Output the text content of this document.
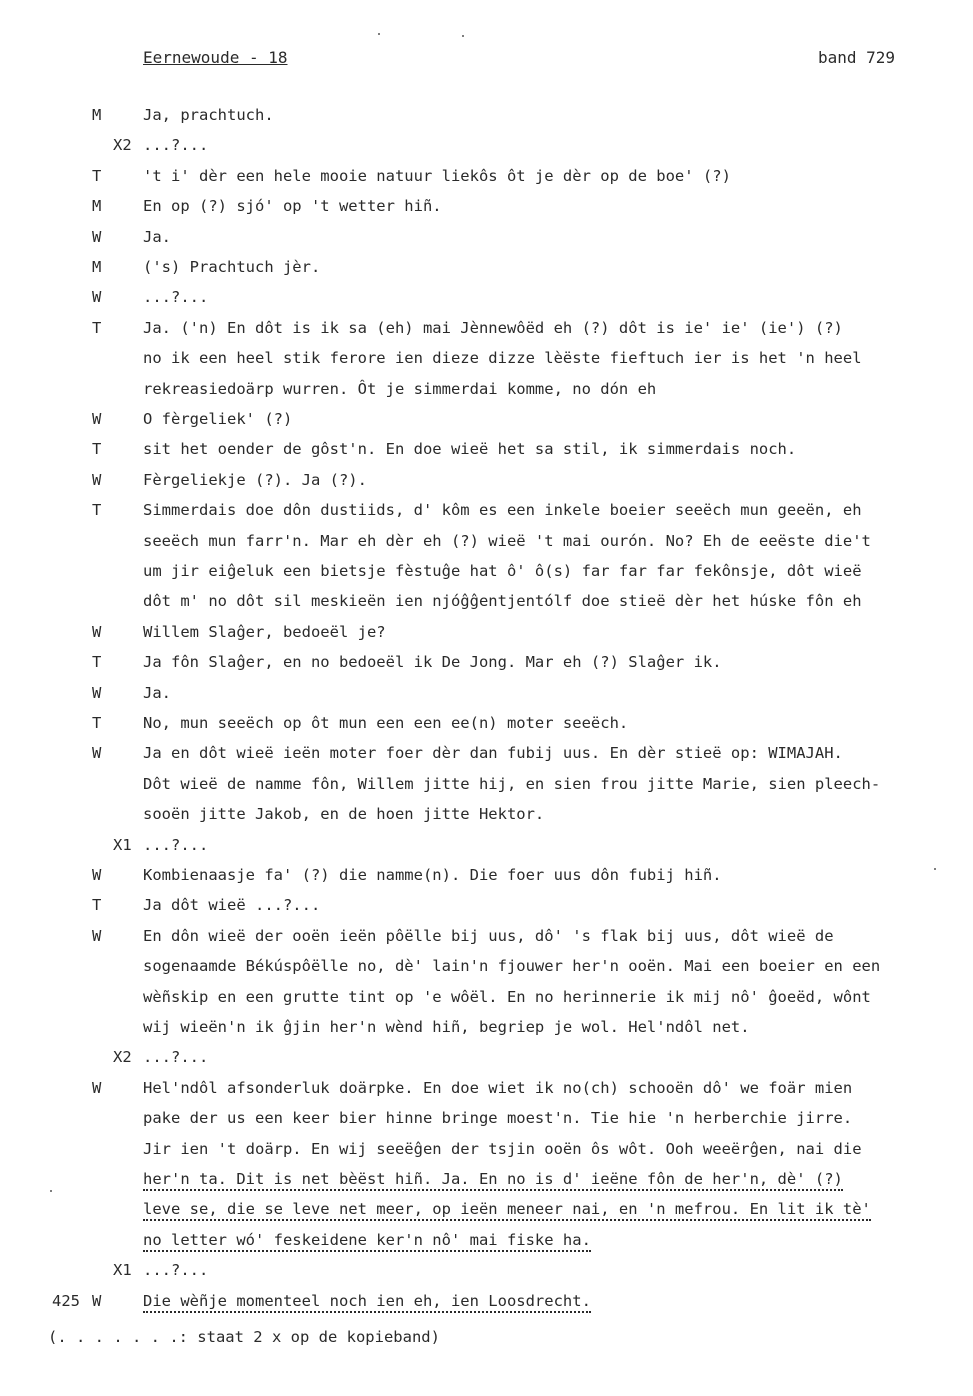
Eernewoude - 18	band 729
M	Ja, prachtuch.
X2 ...?...
T	't i' dèr een hele mooie natuur liekôs ôt je dèr op de boe' (?)
M	En op (?) sjó' op 't wetter hiñ.
W	Ja.
M	('s) Prachtuch jèr.
W	...?...
T	Ja. ('n) En dôt is ik sa (eh) mai Jènnewôëd eh (?) dôt is ie' ie' (ie') (?)
no ik een heel stik ferore ien dieze dizze lèëste fieftuch ier is het 'n heel
rekreasiedoärp wurren. Ôt je simmerdai komme, no dón eh
W	O fèrgeliek' (?)
T	sit het oender de gôst'n. En doe wieë het sa stil, ik simmerdais noch.
W	Fèrgeliekje (?). Ja (?).
T	Simmerdais doe dôn dustiids, d' kôm es een inkele boeier seeëch mun geeën, eh
seeëch mun farr'n. Mar eh dèr eh (?) wieë 't mai ourón. No? Eh de eeëste die't
um jir eiĝeluk een bietsje fèstuĝe hat ô' ô(s) far far far fekônsje, dôt wieë
dôt m' no dôt sil meskieën ien njóĝĝentjentólf doe stieë dèr het húske fôn eh
W	Willem Slaĝer, bedoeël je?
T	Ja fôn Slaĝer, en no bedoeël ik De Jong. Mar eh (?) Slaĝer ik.
W	Ja.
T	No, mun seeëch op ôt mun een een ee(n) moter seeëch.
W	Ja en dôt wieë ieën moter foer dèr dan fubij uus. En dèr stieë op: WIMAJAH.
Dôt wieë de namme fôn, Willem jitte hij, en sien frou jitte Marie, sien pleech-
sooën jitte Jakob, en de hoen jitte Hektor.
X1 ...?...
W	Kombienaasje fa' (?) die namme(n). Die foer uus dôn fubij hiñ.
T	Ja dôt wieë ...?...
W	En dôn wieë der ooën ieën pôëlle bij uus, dô' 's flak bij uus, dôt wieë de
sogenaamde Békúspôëlle no, dè' lain'n fjouwer her'n ooën. Mai een boeier en een
wèñskip en een grutte tint op 'e wôël. En no herinnerie ik mij nô' ĝoeëd, wônt
wij wieën'n ik ĝjin her'n wènd hiñ, begriep je wol. Hel'ndôl net.
X2 ...?...
W	Hel'ndôl afsonderluk doärpke. En doe wiet ik no(ch) schooën dô' we foär mien
pake der us een keer bier hinne bringe moest'n. Tie hie 'n herberchie jirre.
Jir ien 't doärp. En wij seeëĝen der tsjin ooën ôs wôt. Ooh weeërĝen, nai die
her'n ta. Dit is net bèëst hiñ. Ja. En no is d' ieëne fôn de her'n, dè' (?)
leve se, die se leve net meer, op ieën meneer nai, en 'n mefrou. En lit ik tè'
no letter wó' feskeidene ker'n nô' mai fiske ha.
X1 ...?...
425 W	Die wèñje momenteel noch ien eh, ien Loosdrecht.
(. . . . . . .: staat 2 x op de kopieband)
